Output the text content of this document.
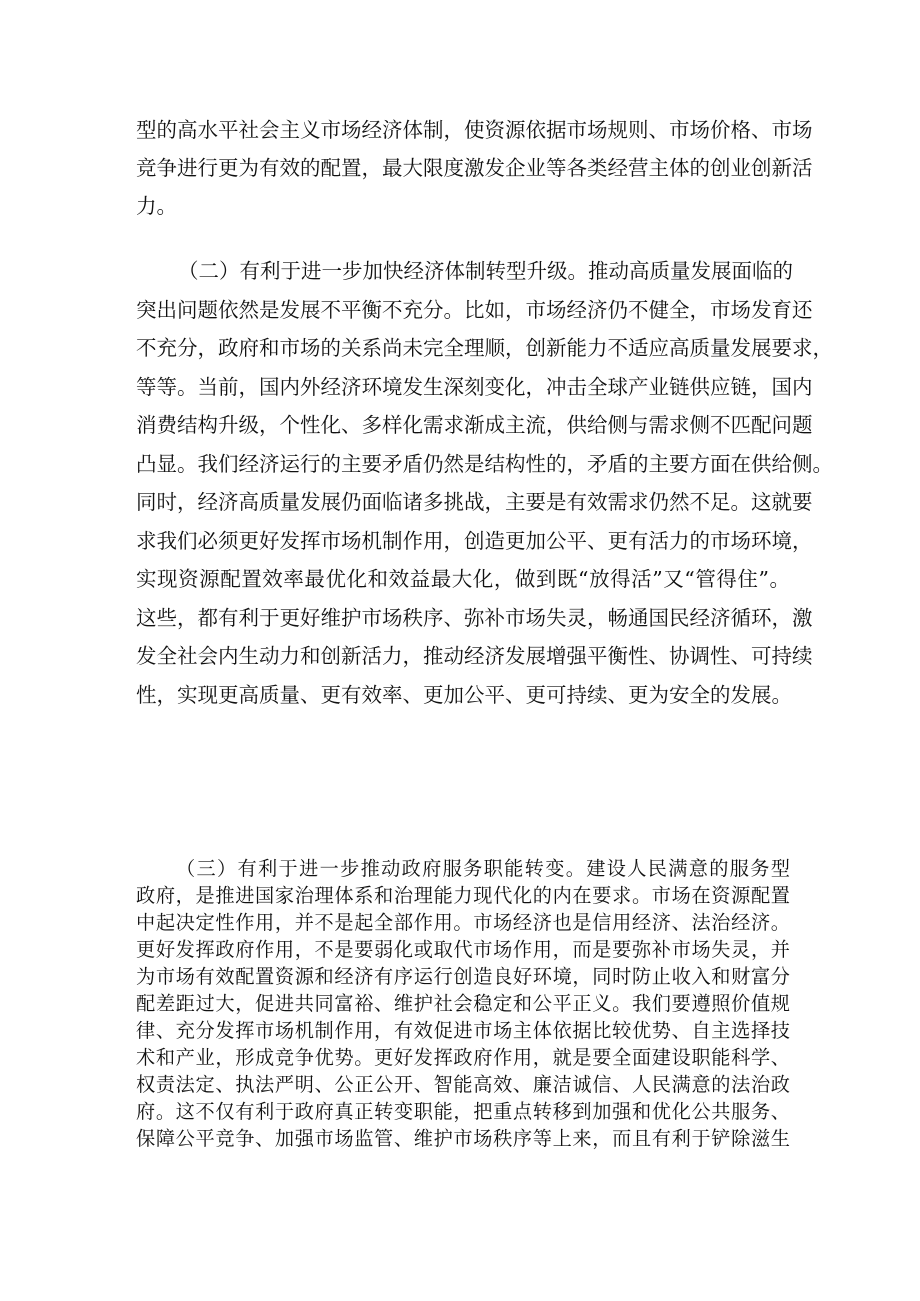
型的高水平社会主义市场经济体制，使资源依据市场规则、市场价格、市场
竞争进行更为有效的配置，最大限度激发企业等各类经营主体的创业创新活
力。
（二）有利于进一步加快经济体制转型升级。推动高质量发展面临的
突出问题依然是发展不平衡不充分。比如，市场经济仍不健全，市场发育还
不充分，政府和市场的关系尚未完全理顺，创新能力不适应高质量发展要求，
等等。当前，国内外经济环境发生深刻变化，冲击全球产业链供应链，国内
消费结构升级，个性化、多样化需求渐成主流，供给侧与需求侧不匹配问题
凸显。我们经济运行的主要矛盾仍然是结构性的，矛盾的主要方面在供给侧。
同时，经济高质量发展仍面临诸多挑战，主要是有效需求仍然不足。这就要
求我们必须更好发挥市场机制作用，创造更加公平、更有活力的市场环境，
实现资源配置效率最优化和效益最大化，做到既“放得活”又“管得住”。
这些，都有利于更好维护市场秩序、弥补市场失灵，畅通国民经济循环，激
发全社会内生动力和创新活力，推动经济发展增强平衡性、协调性、可持续
性，实现更高质量、更有效率、更加公平、更可持续、更为安全的发展。
（三）有利于进一步推动政府服务职能转变。建设人民满意的服务型
政府，是推进国家治理体系和治理能力现代化的内在要求。市场在资源配置
中起决定性作用，并不是起全部作用。市场经济也是信用经济、法治经济。
更好发挥政府作用，不是要弱化或取代市场作用，而是要弥补市场失灵，并
为市场有效配置资源和经济有序运行创造良好环境，同时防止收入和财富分
配差距过大，促进共同富裕、维护社会稳定和公平正义。我们要遵照价值规
律、充分发挥市场机制作用，有效促进市场主体依据比较优势、自主选择技
术和产业，形成竞争优势。更好发挥政府作用，就是要全面建设职能科学、
权责法定、执法严明、公正公开、智能高效、廉洁诚信、人民满意的法治政
府。这不仅有利于政府真正转变职能，把重点转移到加强和优化公共服务、
保障公平竞争、加强市场监管、维护市场秩序等上来，而且有利于铲除滋生
